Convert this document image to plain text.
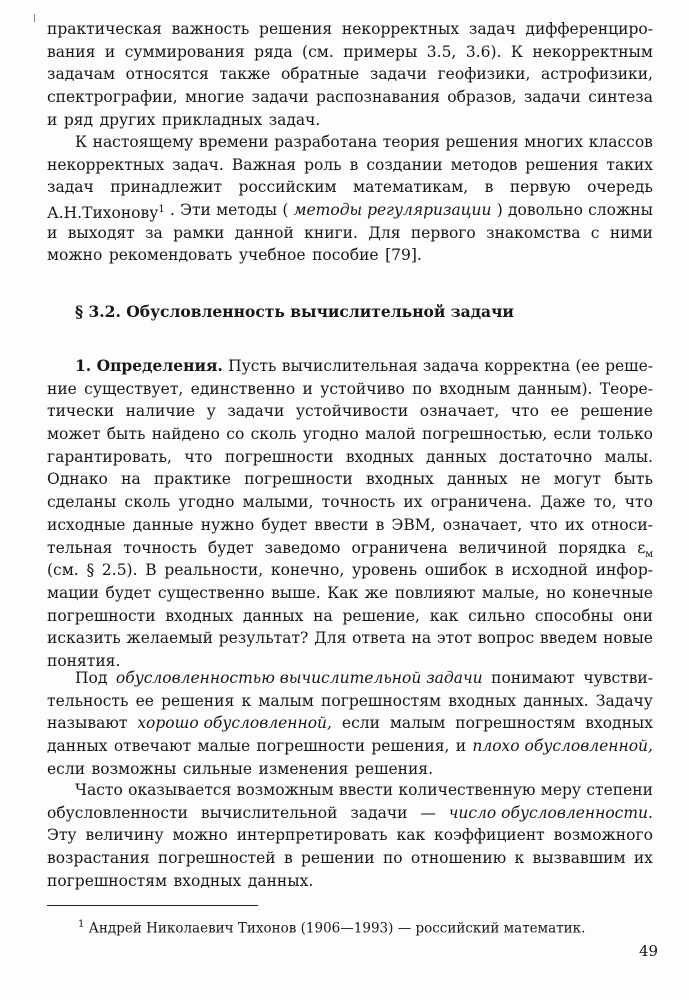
практическая важность решения некорректных задач дифференциро-
вания и суммирования ряда (см. примеры 3.5, 3.6). К некорректным
задачам относятся также обратные задачи геофизики, астрофизики,
спектрографии, многие задачи распознавания образов, задачи синтеза
и ряд других прикладных задач.
К настоящему времени разработана теория решения многих классов
некорректных задач. Важная роль в создании методов решения таких
задач принадлежит российским математикам, в первую очередь
А.Н.Тихонову$^1$ . Эти методы ( методы регуляризации ) довольно сложны
и выходят за рамки данной книги. Для первого знакомства с ними
можно рекомендовать учебное пособие [79].
§ 3.2. Обусловленность вычислительной задачи
1. Определения. Пусть вычислительная задача корректна (ее реше-
ние существует, единственно и устойчиво по входным данным). Теоре-
тически наличие у задачи устойчивости означает, что ее решение
может быть найдено со сколь угодно малой погрешностью, если только
гарантировать, что погрешности входных данных достаточно малы.
Однако на практике погрешности входных данных не могут быть
сделаны сколь угодно малыми, точность их ограничена. Даже то, что
исходные данные нужно будет ввести в ЭВМ, означает, что их относи-
тельная точность будет заведомо ограничена величиной порядка $\varepsilon_м$
(см. § 2.5). В реальности, конечно, уровень ошибок в исходной инфор-
мации будет существенно выше. Как же повлияют малые, но конечные
погрешности входных данных на решение, как сильно способны они
исказить желаемый результат? Для ответа на этот вопрос введем новые
понятия.
Под обусловленностью вычислительной задачи понимают чувстви-
тельность ее решения к малым погрешностям входных данных. Задачу
называют хорошо обусловленной, если малым погрешностям входных
данных отвечают малые погрешности решения, и плохо обусловленной,
если возможны сильные изменения решения.
Часто оказывается возможным ввести количественную меру степени
обусловленности вычислительной задачи — число обусловленности.
Эту величину можно интерпретировать как коэффициент возможного
возрастания погрешностей в решении по отношению к вызвавшим их
погрешностям входных данных.
$^1$ Андрей Николаевич Тихонов (1906—1993) — российский математик.
49
